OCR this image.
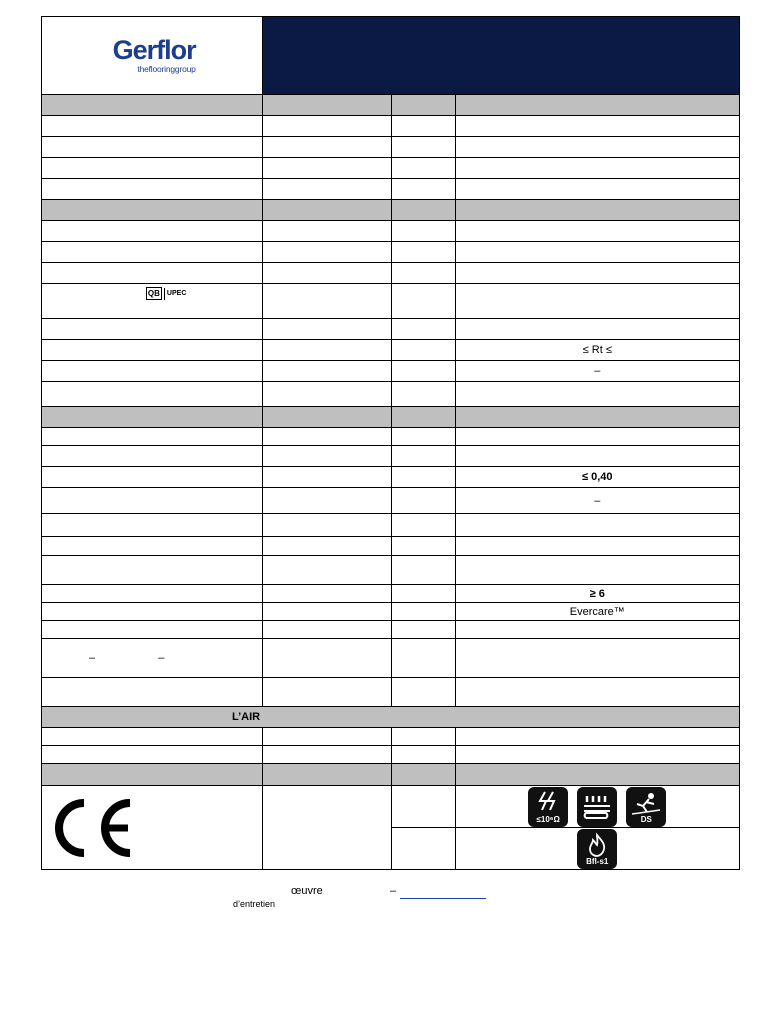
Gerflor
theflooringgroup			

QB UPEC			

			≤ Rt ≤
			–

			≤ 0,40
			–

			≥ 6
			Evercare™

– –			

L’AIR			

≤10⁶Ω

DS

			Bfl-s1
œuvre	–
d’entretien
